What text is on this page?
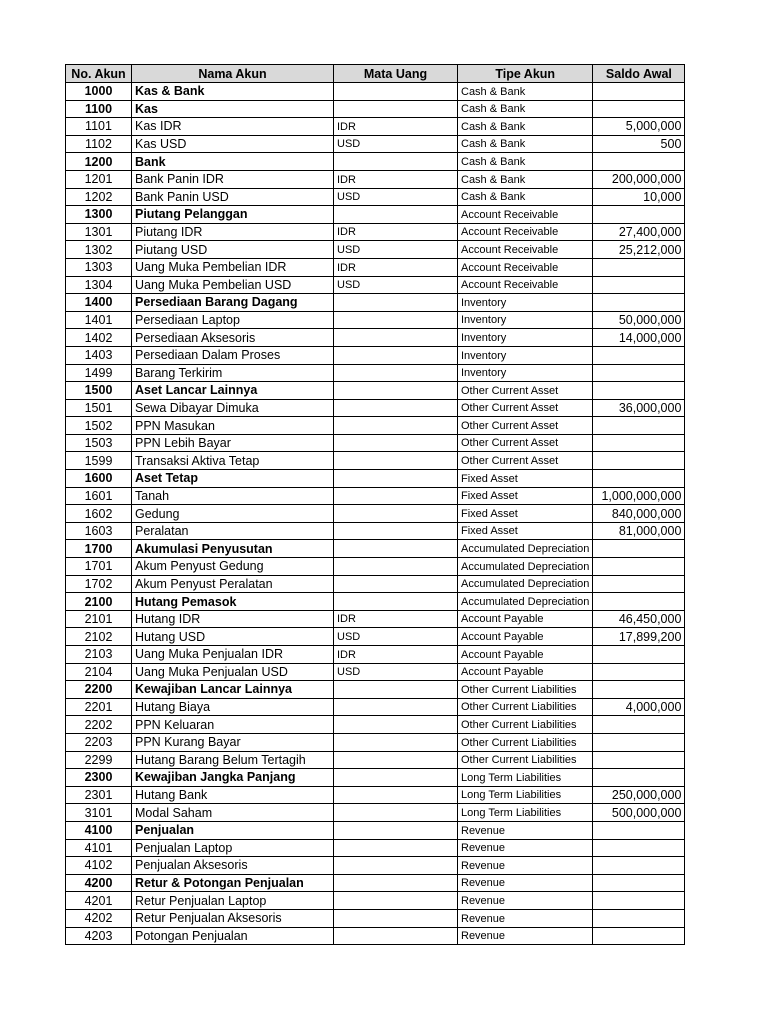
No. Akun	Nama Akun	Mata Uang	Tipe Akun	Saldo Awal
1000	Kas & Bank		Cash & Bank	
1100	Kas		Cash & Bank	
1101	Kas IDR	IDR	Cash & Bank	5,000,000
1102	Kas USD	USD	Cash & Bank	500
1200	Bank		Cash & Bank	
1201	Bank Panin IDR	IDR	Cash & Bank	200,000,000
1202	Bank Panin USD	USD	Cash & Bank	10,000
1300	Piutang Pelanggan		Account Receivable	
1301	Piutang IDR	IDR	Account Receivable	27,400,000
1302	Piutang USD	USD	Account Receivable	25,212,000
1303	Uang Muka Pembelian IDR	IDR	Account Receivable	
1304	Uang Muka Pembelian USD	USD	Account Receivable	
1400	Persediaan Barang Dagang		Inventory	
1401	Persediaan Laptop		Inventory	50,000,000
1402	Persediaan Aksesoris		Inventory	14,000,000
1403	Persediaan Dalam Proses		Inventory	
1499	Barang Terkirim		Inventory	
1500	Aset Lancar Lainnya		Other Current Asset	
1501	Sewa Dibayar Dimuka		Other Current Asset	36,000,000
1502	PPN Masukan		Other Current Asset	
1503	PPN Lebih Bayar		Other Current Asset	
1599	Transaksi Aktiva Tetap		Other Current Asset	
1600	Aset Tetap		Fixed Asset	
1601	Tanah		Fixed Asset	1,000,000,000
1602	Gedung		Fixed Asset	840,000,000
1603	Peralatan		Fixed Asset	81,000,000
1700	Akumulasi Penyusutan		Accumulated Depreciation	
1701	Akum Penyust Gedung		Accumulated Depreciation	
1702	Akum Penyust Peralatan		Accumulated Depreciation	
2100	Hutang Pemasok		Accumulated Depreciation	
2101	Hutang IDR	IDR	Account Payable	46,450,000
2102	Hutang USD	USD	Account Payable	17,899,200
2103	Uang Muka Penjualan IDR	IDR	Account Payable	
2104	Uang Muka Penjualan USD	USD	Account Payable	
2200	Kewajiban Lancar Lainnya		Other Current Liabilities	
2201	Hutang Biaya		Other Current Liabilities	4,000,000
2202	PPN Keluaran		Other Current Liabilities	
2203	PPN Kurang Bayar		Other Current Liabilities	
2299	Hutang Barang Belum Tertagih		Other Current Liabilities	
2300	Kewajiban Jangka Panjang		Long Term Liabilities	
2301	Hutang Bank		Long Term Liabilities	250,000,000
3101	Modal Saham		Long Term Liabilities	500,000,000
4100	Penjualan		Revenue	
4101	Penjualan Laptop		Revenue	
4102	Penjualan Aksesoris		Revenue	
4200	Retur & Potongan Penjualan		Revenue	
4201	Retur Penjualan Laptop		Revenue	
4202	Retur Penjualan Aksesoris		Revenue	
4203	Potongan Penjualan		Revenue	
